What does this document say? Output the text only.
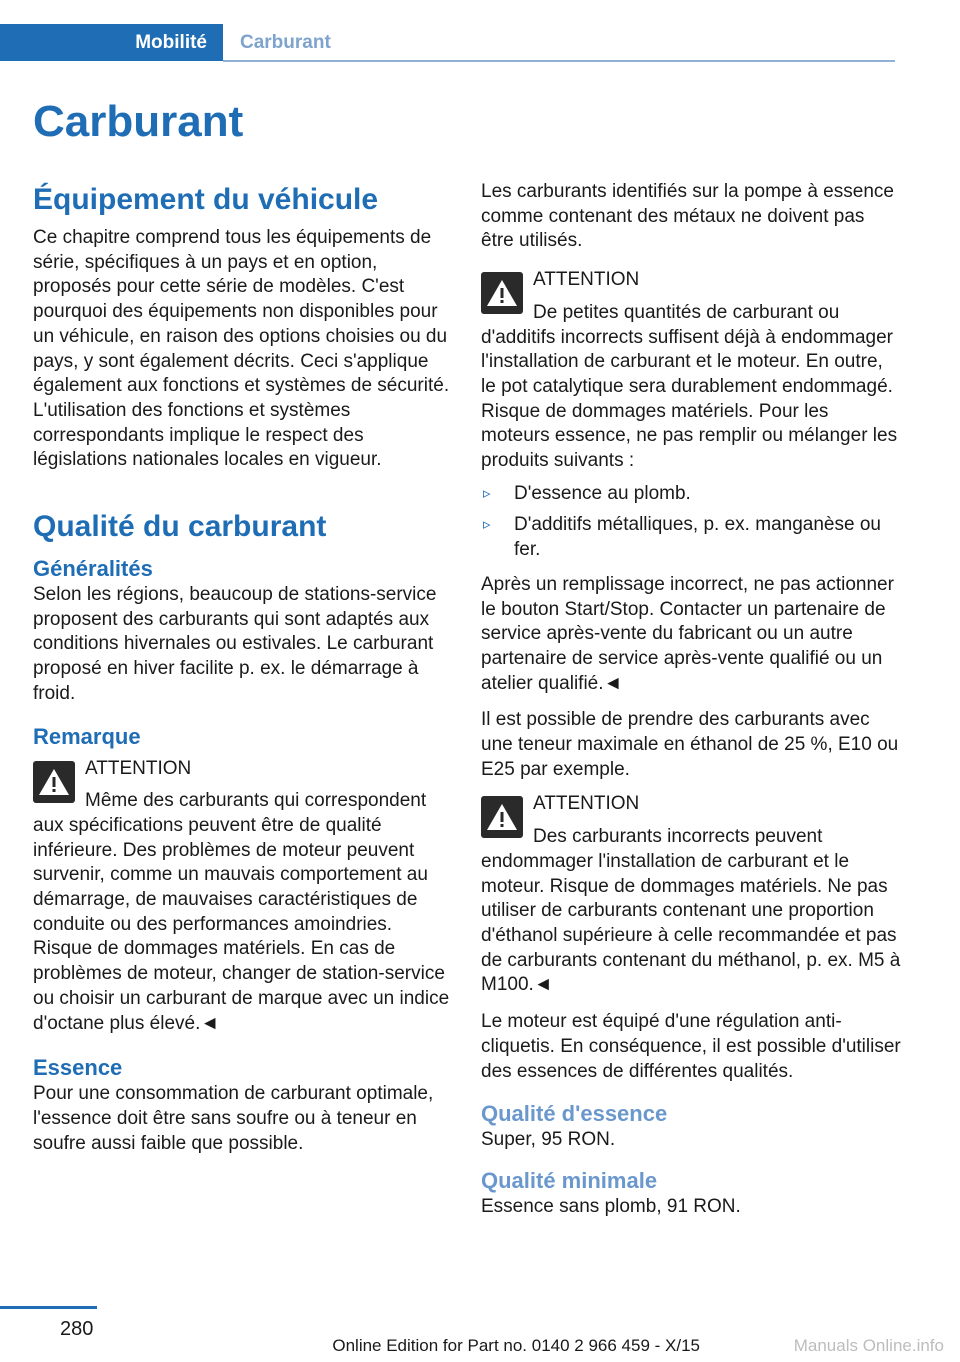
Mobilité Carburant
Carburant
Équipement du véhicule

Ce chapitre comprend tous les équipements de série, spécifiques à un pays et en option, proposés pour cette série de modèles. C'est pourquoi des équipements non disponibles pour un véhicule, en raison des options choisies ou du pays, y sont également décrits. Ceci s'applique également aux fonctions et systèmes de sécurité. L'utilisation des fonctions et systèmes correspondants implique le respect des législations nationales locales en vigueur.

Qualité du carburant
Généralités

Selon les régions, beaucoup de stations-service proposent des carburants qui sont adaptés aux conditions hivernales ou estivales. Le carburant proposé en hiver facilite p. ex. le démarrage à froid.

Remarque

ATTENTION

Même des carburants qui correspondent aux spécifications peuvent être de qualité inférieure. Des problèmes de moteur peuvent survenir, comme un mauvais comportement au démarrage, de mauvaises caractéristiques de conduite ou des performances amoindries. Risque de dommages matériels. En cas de problèmes de moteur, changer de station-service ou choisir un carburant de marque avec un indice d'octane plus élevé.◄

Essence

Pour une consommation de carburant optimale, l'essence doit être sans soufre ou à teneur en soufre aussi faible que possible.

Les carburants identifiés sur la pompe à essence comme contenant des métaux ne doivent pas être utilisés.

ATTENTION

De petites quantités de carburant ou d'additifs incorrects suffisent déjà à endommager l'installation de carburant et le moteur. En outre, le pot catalytique sera durablement endommagé. Risque de dommages matériels. Pour les moteurs essence, ne pas remplir ou mélanger les produits suivants :

▹ D'essence au plomb.
▹ D'additifs métalliques, p. ex. manganèse ou fer.

Après un remplissage incorrect, ne pas actionner le bouton Start/Stop. Contacter un partenaire de service après-vente du fabricant ou un autre partenaire de service après-vente qualifié ou un atelier qualifié.◄

Il est possible de prendre des carburants avec une teneur maximale en éthanol de 25 %, E10 ou E25 par exemple.

ATTENTION

Des carburants incorrects peuvent endommager l'installation de carburant et le moteur. Risque de dommages matériels. Ne pas utiliser de carburants contenant une proportion d'éthanol supérieure à celle recommandée et pas de carburants contenant du méthanol, p. ex. M5 à M100.◄

Le moteur est équipé d'une régulation anti-cliquetis. En conséquence, il est possible d'utiliser des essences de différentes qualités.

Qualité d'essence

Super, 95 RON.

Qualité minimale

Essence sans plomb, 91 RON.

280
Online Edition for Part no. 0140 2 966 459 - X/15	Manuals Online.info
